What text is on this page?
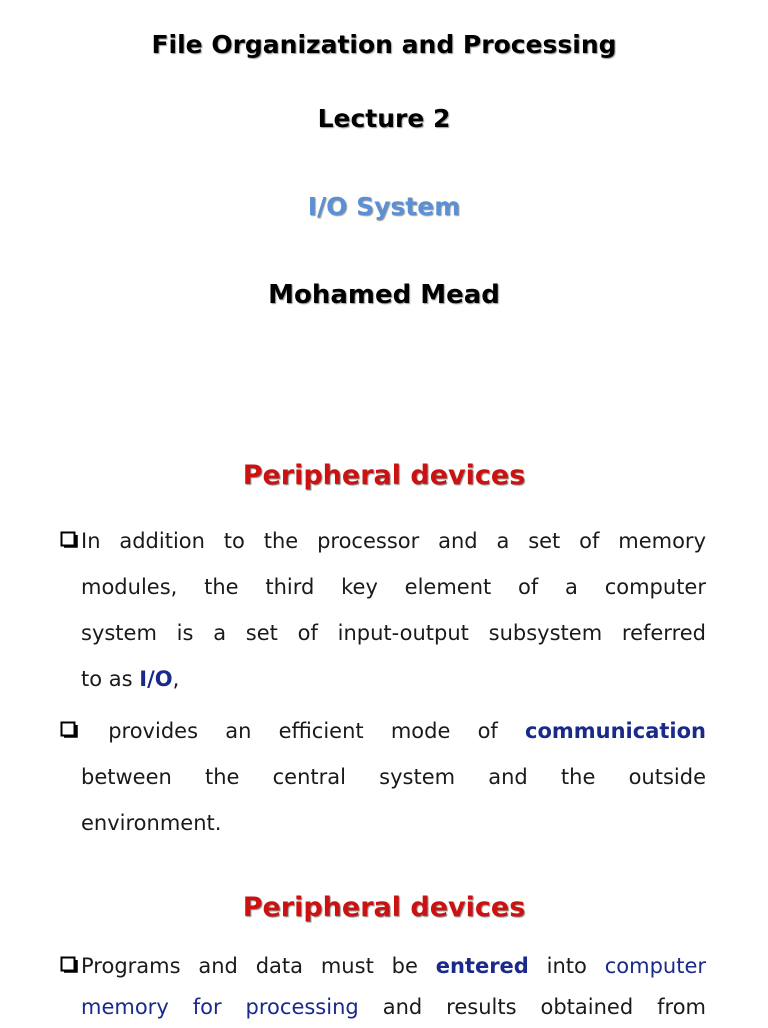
File Organization and Processing
Lecture 2
I/O System
Mohamed Mead
Peripheral devices
In addition to the processor and a set of memory
modules, the third key element of a computer
system is a set of input-output subsystem referred
to as I/O,
provides an efficient mode of communication
between the central system and the outside
environment.
Peripheral devices
Programs and data must be entered into computer
memory for processing and results obtained from
